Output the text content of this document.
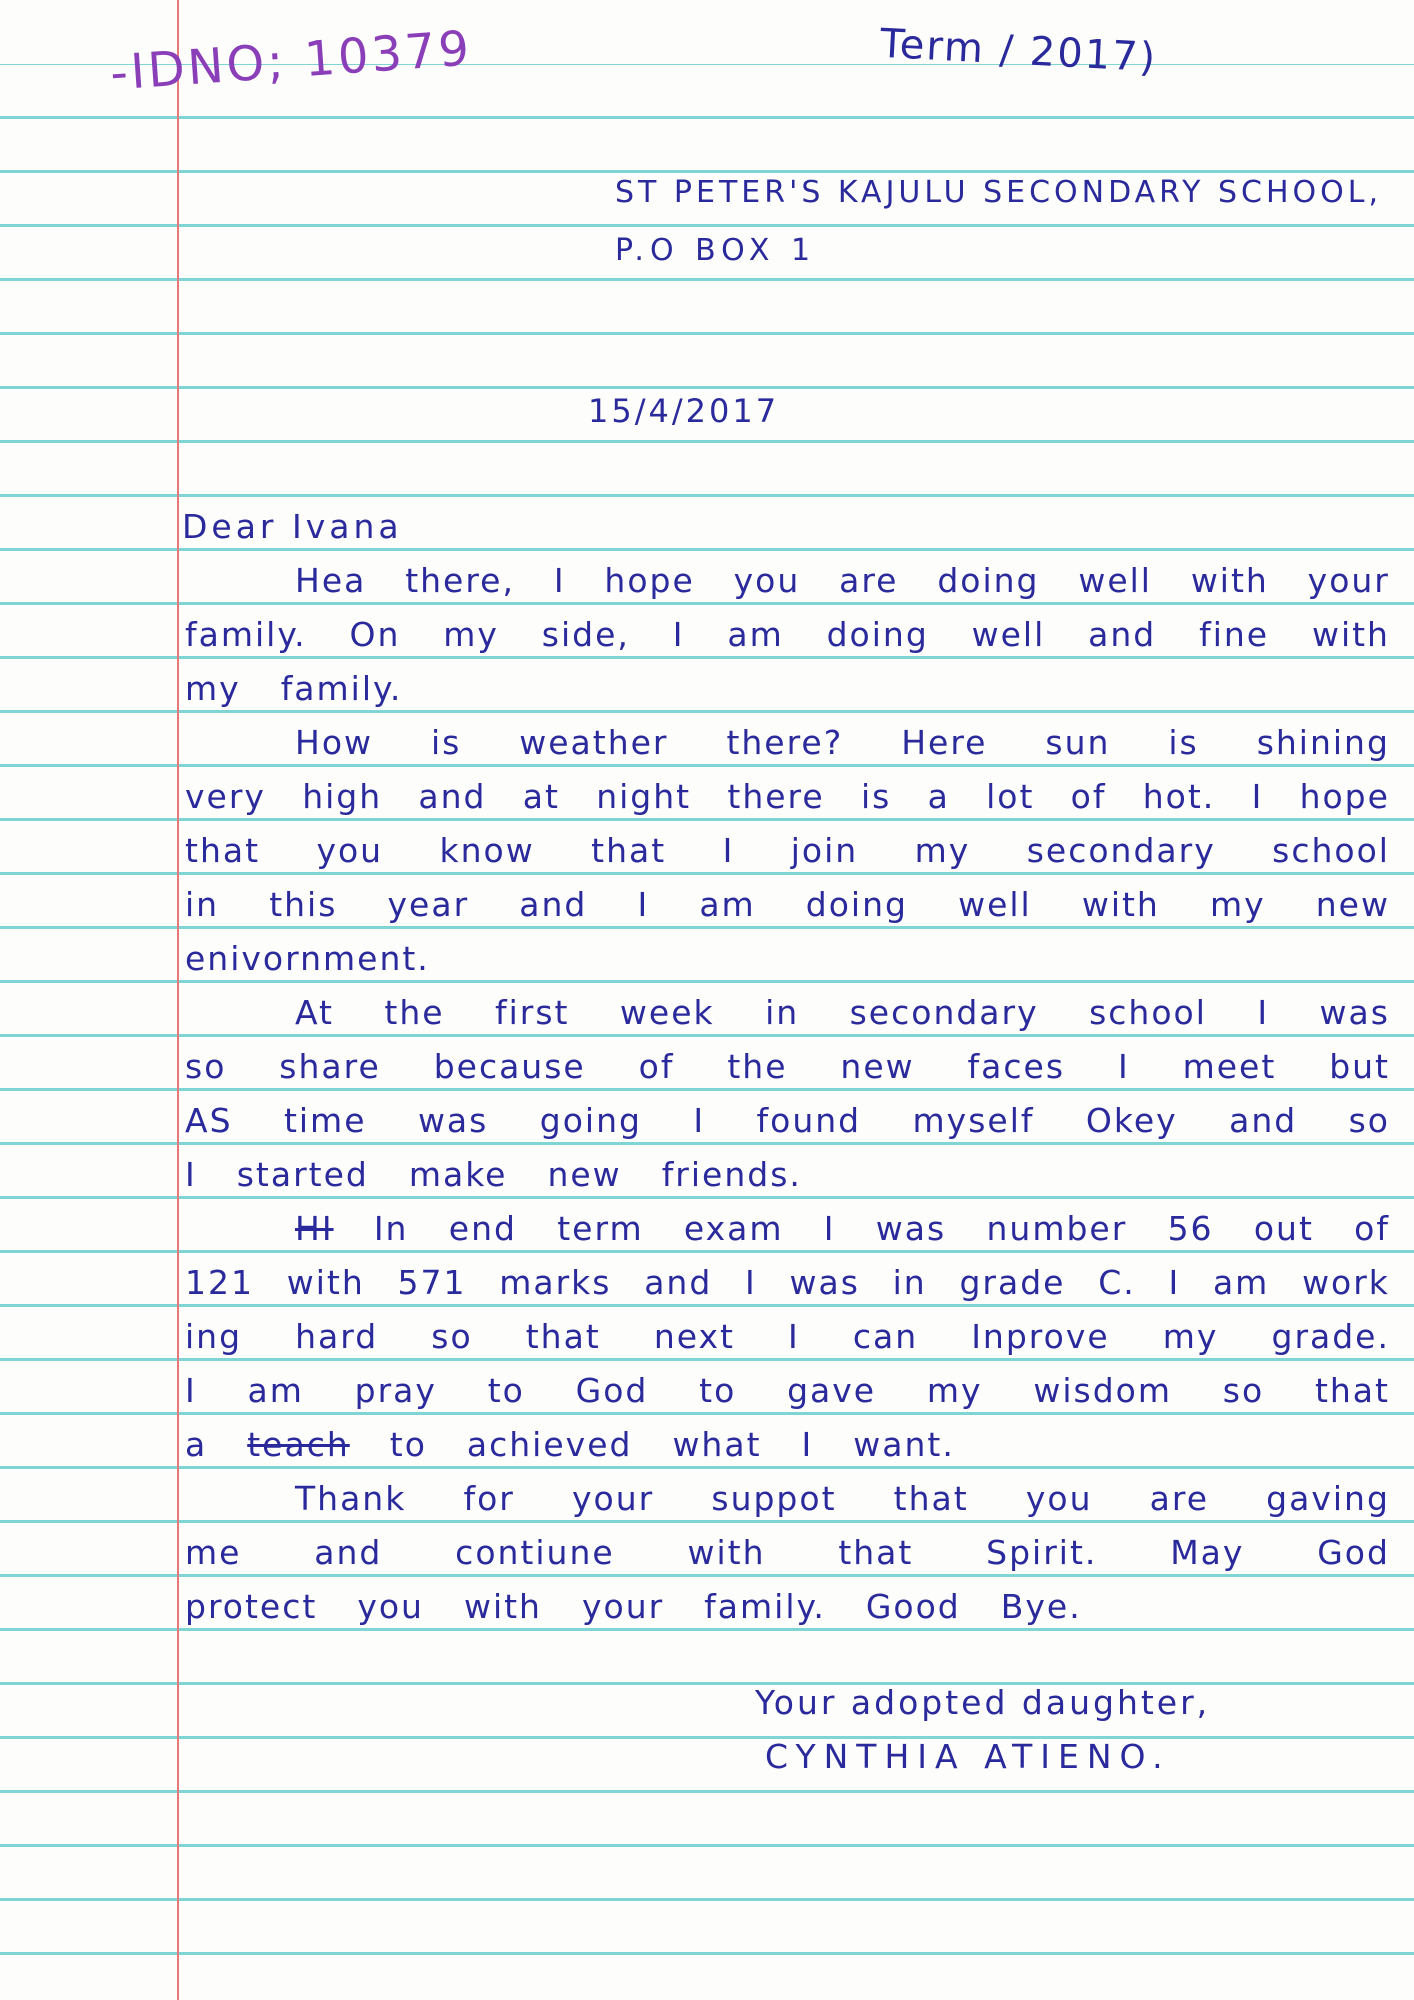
-IDNO; 10379	Term / 2017)
ST PETER'S KAJULU SECONDARY SCHOOL,
P.O BOX 1
15/4/2017
Dear Ivana
Hea there, I hope you are doing well with your
family. On my side, I am doing well and fine with
my family.
How is weather there? Here sun is shining
very high and at night there is a lot of hot. I hope
that you know that I join my secondary school
in this year and I am doing well with my new
enivornment.
At the first week in secondary school I was
so share because of the new faces I meet but
AS time was going I found myself Okey and so
I started make new friends.
HI In end term exam I was number 56 out of
121 with 571 marks and I was in grade C. I am work
ing hard so that next I can Inprove my grade.
I am pray to God to gave my wisdom so that
a teach to achieved what I want.
Thank for your suppot that you are gaving
me and contiune with that Spirit. May God
protect you with your family. Good Bye.
Your adopted daughter,
CYNTHIA ATIENO.
